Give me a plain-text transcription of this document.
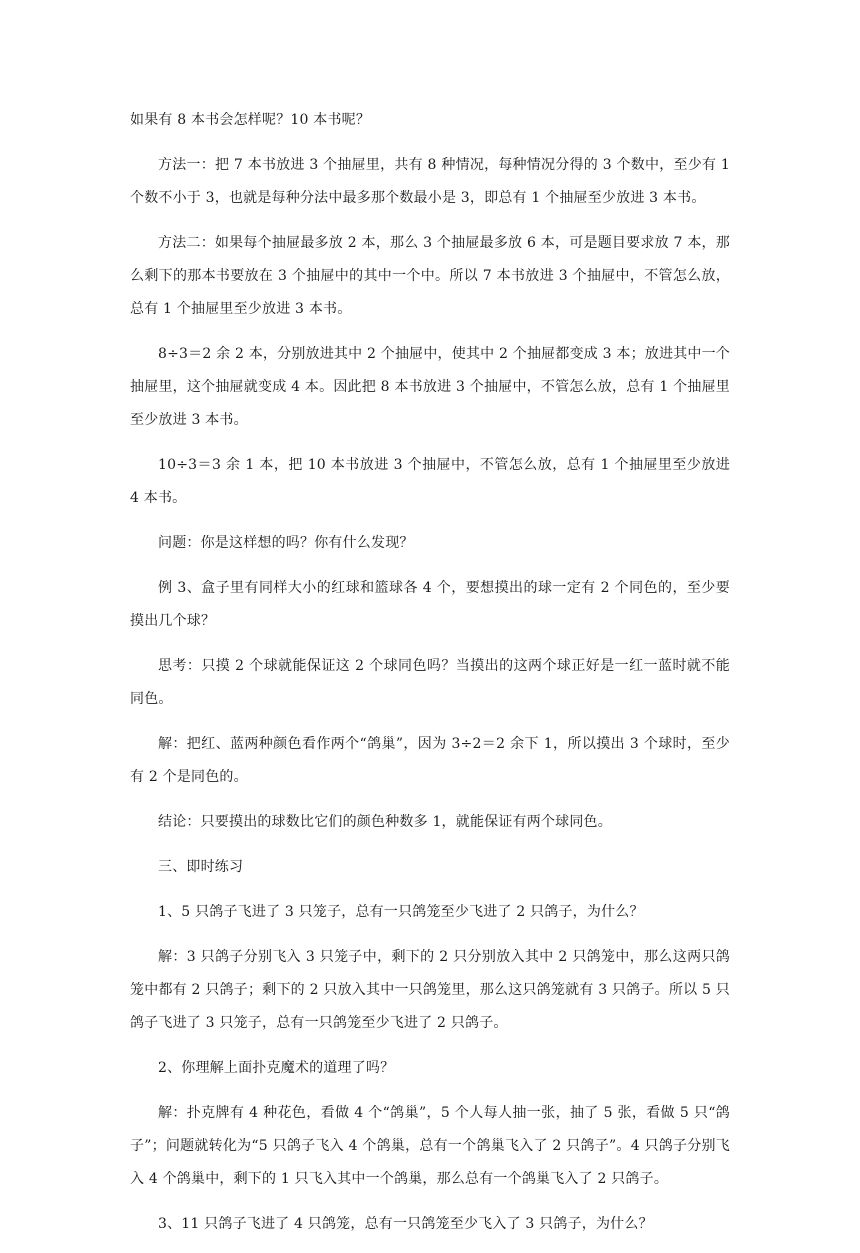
如果有 8 本书会怎样呢？10 本书呢？

方法一：把 7 本书放进 3 个抽屉里，共有 8 种情况，每种情况分得的 3 个数中，至少有 1 个数不小于 3，也就是每种分法中最多那个数最小是 3，即总有 1 个抽屉至少放进 3 本书。

方法二：如果每个抽屉最多放 2 本，那么 3 个抽屉最多放 6 本，可是题目要求放 7 本，那么剩下的那本书要放在 3 个抽屉中的其中一个中。所以 7 本书放进 3 个抽屉中，不管怎么放，总有 1 个抽屉里至少放进 3 本书。

8÷3＝2 余 2 本，分别放进其中 2 个抽屉中，使其中 2 个抽屉都变成 3 本；放进其中一个抽屉里，这个抽屉就变成 4 本。因此把 8 本书放进 3 个抽屉中，不管怎么放，总有 1 个抽屉里至少放进 3 本书。

10÷3＝3 余 1 本，把 10 本书放进 3 个抽屉中，不管怎么放，总有 1 个抽屉里至少放进 4 本书。

问题：你是这样想的吗？你有什么发现？

例 3、盒子里有同样大小的红球和篮球各 4 个，要想摸出的球一定有 2 个同色的，至少要摸出几个球？

思考：只摸 2 个球就能保证这 2 个球同色吗？当摸出的这两个球正好是一红一蓝时就不能同色。

解：把红、蓝两种颜色看作两个“鸽巢”，因为 3÷2＝2 余下 1，所以摸出 3 个球时，至少有 2 个是同色的。

结论：只要摸出的球数比它们的颜色种数多 1，就能保证有两个球同色。

三、即时练习

1、5 只鸽子飞进了 3 只笼子，总有一只鸽笼至少飞进了 2 只鸽子，为什么？

解：3 只鸽子分别飞入 3 只笼子中，剩下的 2 只分别放入其中 2 只鸽笼中，那么这两只鸽笼中都有 2 只鸽子；剩下的 2 只放入其中一只鸽笼里，那么这只鸽笼就有 3 只鸽子。所以 5 只鸽子飞进了 3 只笼子，总有一只鸽笼至少飞进了 2 只鸽子。

2、你理解上面扑克魔术的道理了吗？

解：扑克牌有 4 种花色，看做 4 个“鸽巢”，5 个人每人抽一张，抽了 5 张，看做 5 只“鸽子”；问题就转化为“5 只鸽子飞入 4 个鸽巢，总有一个鸽巢飞入了 2 只鸽子”。4 只鸽子分别飞入 4 个鸽巢中，剩下的 1 只飞入其中一个鸽巢，那么总有一个鸽巢飞入了 2 只鸽子。

3、11 只鸽子飞进了 4 只鸽笼，总有一只鸽笼至少飞入了 3 只鸽子，为什么？
